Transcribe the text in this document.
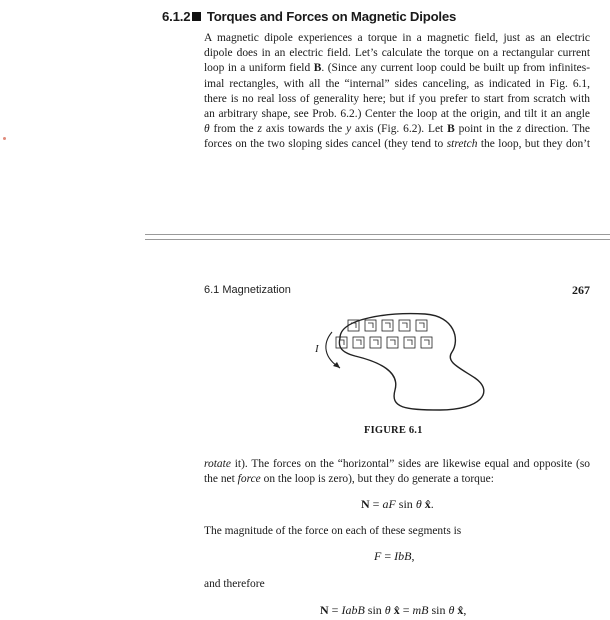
6.1.2 Torques and Forces on Magnetic Dipoles
A magnetic dipole experiences a torque in a magnetic field, just as an electric
dipole does in an electric field. Let’s calculate the torque on a rectangular current
loop in a uniform field B. (Since any current loop could be built up from infinites-
imal rectangles, with all the “internal” sides canceling, as indicated in Fig. 6.1,
there is no real loss of generality here; but if you prefer to start from scratch with
an arbitrary shape, see Prob. 6.2.) Center the loop at the origin, and tilt it an angle
θ from the z axis towards the y axis (Fig. 6.2). Let B point in the z direction. The
forces on the two sloping sides cancel (they tend to stretch the loop, but they don’t
6.1 Magnetization	267
I
FIGURE 6.1
rotate it). The forces on the “horizontal” sides are likewise equal and opposite (so
the net force on the loop is zero), but they do generate a torque:
N = aF sin θ x̂.
The magnitude of the force on each of these segments is
F = IbB,
and therefore
N = IabB sin θ x̂ = mB sin θ x̂,
